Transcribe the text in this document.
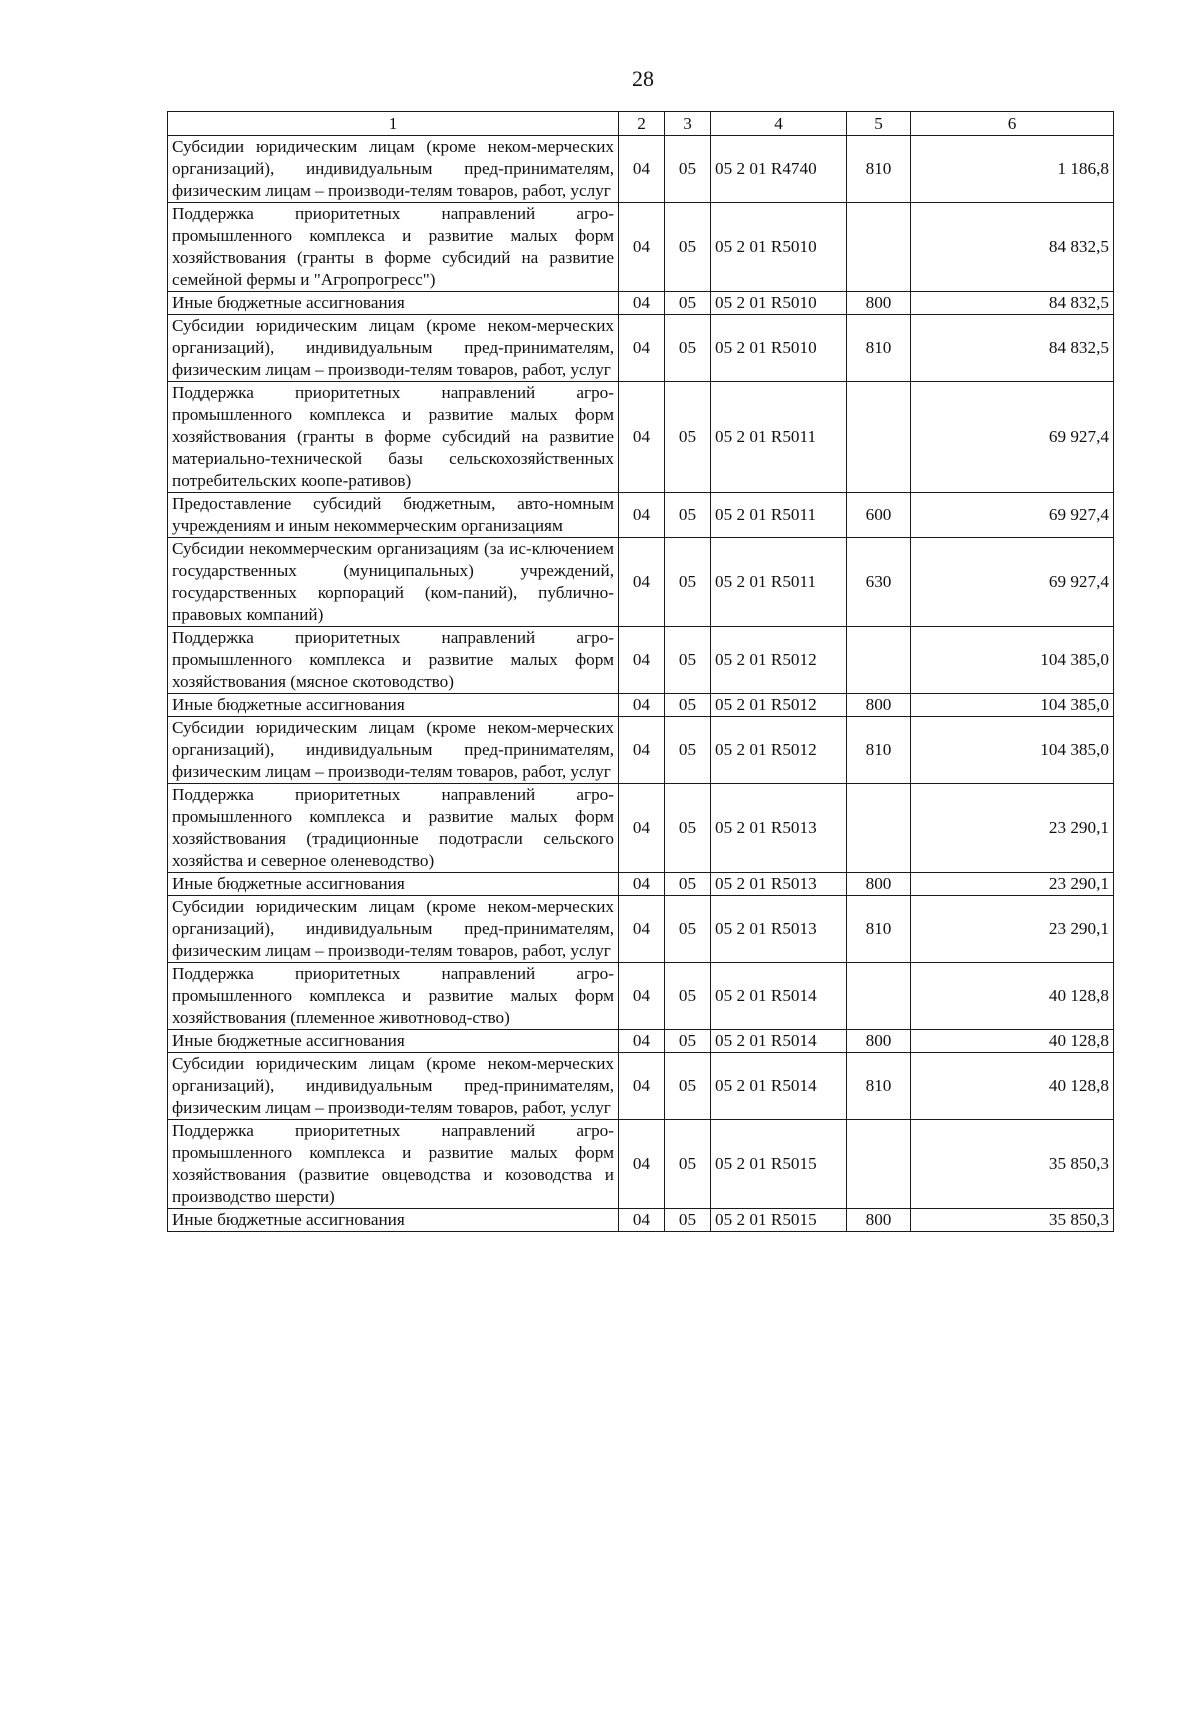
28
1	2	3	4	5	6
Субсидии юридическим лицам (кроме неком-мерческих организаций), индивидуальным пред-принимателям, физическим лицам – производи-телям товаров, работ, услуг	04	05	05 2 01 R4740	810	1 186,8
Поддержка приоритетных направлений агро-промышленного комплекса и развитие малых форм хозяйствования (гранты в форме субсидий на развитие семейной фермы и "Агропрогресс")	04	05	05 2 01 R5010		84 832,5
Иные бюджетные ассигнования	04	05	05 2 01 R5010	800	84 832,5
Субсидии юридическим лицам (кроме неком-мерческих организаций), индивидуальным пред-принимателям, физическим лицам – производи-телям товаров, работ, услуг	04	05	05 2 01 R5010	810	84 832,5
Поддержка приоритетных направлений агро-промышленного комплекса и развитие малых форм хозяйствования (гранты в форме субсидий на развитие материально-технической базы сельскохозяйственных потребительских коопе-ративов)	04	05	05 2 01 R5011		69 927,4
Предоставление субсидий бюджетным, авто-номным учреждениям и иным некоммерческим организациям	04	05	05 2 01 R5011	600	69 927,4
Субсидии некоммерческим организациям (за ис-ключением государственных (муниципальных) учреждений, государственных корпораций (ком-паний), публично-правовых компаний)	04	05	05 2 01 R5011	630	69 927,4
Поддержка приоритетных направлений агро-промышленного комплекса и развитие малых форм хозяйствования (мясное скотоводство)	04	05	05 2 01 R5012		104 385,0
Иные бюджетные ассигнования	04	05	05 2 01 R5012	800	104 385,0
Субсидии юридическим лицам (кроме неком-мерческих организаций), индивидуальным пред-принимателям, физическим лицам – производи-телям товаров, работ, услуг	04	05	05 2 01 R5012	810	104 385,0
Поддержка приоритетных направлений агро-промышленного комплекса и развитие малых форм хозяйствования (традиционные подотрасли сельского хозяйства и северное оленеводство)	04	05	05 2 01 R5013		23 290,1
Иные бюджетные ассигнования	04	05	05 2 01 R5013	800	23 290,1
Субсидии юридическим лицам (кроме неком-мерческих организаций), индивидуальным пред-принимателям, физическим лицам – производи-телям товаров, работ, услуг	04	05	05 2 01 R5013	810	23 290,1
Поддержка приоритетных направлений агро-промышленного комплекса и развитие малых форм хозяйствования (племенное животновод-ство)	04	05	05 2 01 R5014		40 128,8
Иные бюджетные ассигнования	04	05	05 2 01 R5014	800	40 128,8
Субсидии юридическим лицам (кроме неком-мерческих организаций), индивидуальным пред-принимателям, физическим лицам – производи-телям товаров, работ, услуг	04	05	05 2 01 R5014	810	40 128,8
Поддержка приоритетных направлений агро-промышленного комплекса и развитие малых форм хозяйствования (развитие овцеводства и козоводства и производство шерсти)	04	05	05 2 01 R5015		35 850,3
Иные бюджетные ассигнования	04	05	05 2 01 R5015	800	35 850,3
